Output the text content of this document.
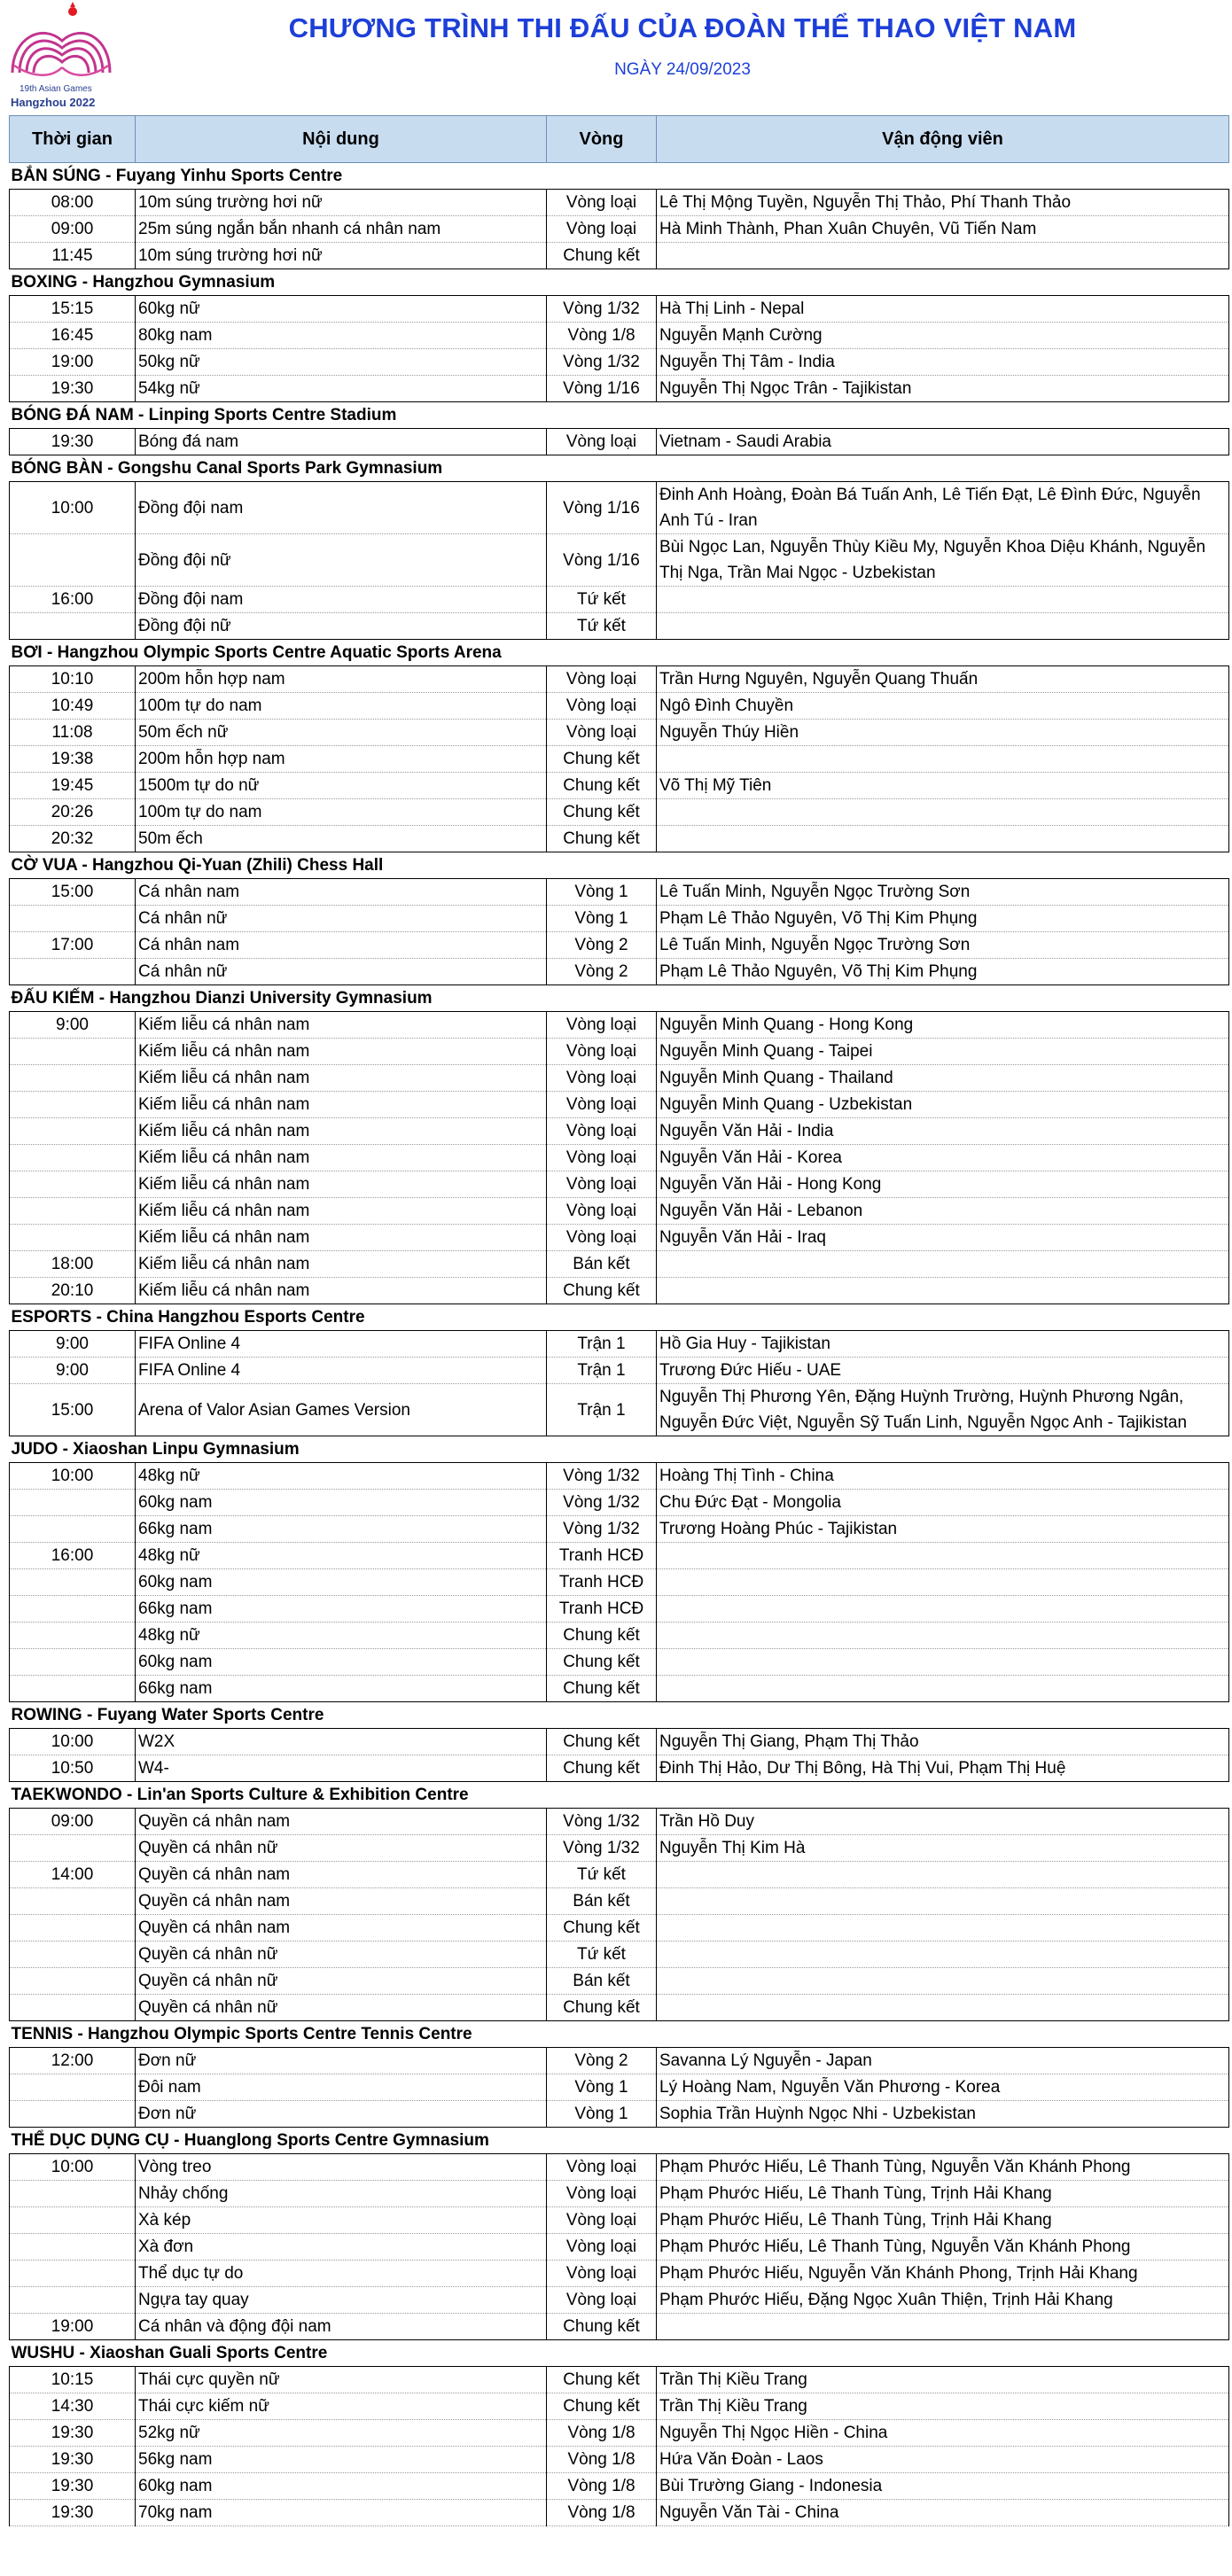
19th Asian Games
Hangzhou 2022
CHƯƠNG TRÌNH THI ĐẤU CỦA ĐOÀN THỂ THAO VIỆT NAM
NGÀY 24/09/2023
Thời gian	Nội dung	Vòng	Vận động viên
BẮN SÚNG - Fuyang Yinhu Sports Centre			
08:00	10m súng trường hơi nữ	Vòng loại	Lê Thị Mộng Tuyền, Nguyễn Thị Thảo, Phí Thanh Thảo
09:00	25m súng ngắn bắn nhanh cá nhân nam	Vòng loại	Hà Minh Thành, Phan Xuân Chuyên, Vũ Tiến Nam
11:45	10m súng trường hơi nữ	Chung kết	
BOXING - Hangzhou Gymnasium			
15:15	60kg nữ	Vòng 1/32	Hà Thị Linh - Nepal
16:45	80kg nam	Vòng 1/8	Nguyễn Mạnh Cường
19:00	50kg nữ	Vòng 1/32	Nguyễn Thị Tâm - India
19:30	54kg nữ	Vòng 1/16	Nguyễn Thị Ngọc Trân - Tajikistan
BÓNG ĐÁ NAM - Linping Sports Centre Stadium			
19:30	Bóng đá nam	Vòng loại	Vietnam - Saudi Arabia
BÓNG BÀN - Gongshu Canal Sports Park Gymnasium			
10:00	Đồng đội nam	Vòng 1/16	Đinh Anh Hoàng, Đoàn Bá Tuấn Anh, Lê Tiến Đạt, Lê Đình Đức, Nguyễn Anh Tú - Iran
	Đồng đội nữ	Vòng 1/16	Bùi Ngọc Lan, Nguyễn Thùy Kiều My, Nguyễn Khoa Diệu Khánh, Nguyễn Thị Nga, Trần Mai Ngọc - Uzbekistan
16:00	Đồng đội nam	Tứ kết	
	Đồng đội nữ	Tứ kết	
BƠI - Hangzhou Olympic Sports Centre Aquatic Sports Arena			
10:10	200m hỗn hợp nam	Vòng loại	Trần Hưng Nguyên, Nguyễn Quang Thuấn
10:49	100m tự do nam	Vòng loại	Ngô Đình Chuyền
11:08	50m ếch nữ	Vòng loại	Nguyễn Thúy Hiền
19:38	200m hỗn hợp nam	Chung kết	
19:45	1500m tự do nữ	Chung kết	Võ Thị Mỹ Tiên
20:26	100m tự do nam	Chung kết	
20:32	50m ếch	Chung kết	
CỜ VUA - Hangzhou Qi-Yuan (Zhili) Chess Hall			
15:00	Cá nhân nam	Vòng 1	Lê Tuấn Minh, Nguyễn Ngọc Trường Sơn
	Cá nhân nữ	Vòng 1	Phạm Lê Thảo Nguyên, Võ Thị Kim Phụng
17:00	Cá nhân nam	Vòng 2	Lê Tuấn Minh, Nguyễn Ngọc Trường Sơn
	Cá nhân nữ	Vòng 2	Phạm Lê Thảo Nguyên, Võ Thị Kim Phụng
ĐẤU KIẾM - Hangzhou Dianzi University Gymnasium			
9:00	Kiếm liễu cá nhân nam	Vòng loại	Nguyễn Minh Quang - Hong Kong
	Kiếm liễu cá nhân nam	Vòng loại	Nguyễn Minh Quang - Taipei
	Kiếm liễu cá nhân nam	Vòng loại	Nguyễn Minh Quang - Thailand
	Kiếm liễu cá nhân nam	Vòng loại	Nguyễn Minh Quang - Uzbekistan
	Kiếm liễu cá nhân nam	Vòng loại	Nguyễn Văn Hải - India
	Kiếm liễu cá nhân nam	Vòng loại	Nguyễn Văn Hải - Korea
	Kiếm liễu cá nhân nam	Vòng loại	Nguyễn Văn Hải - Hong Kong
	Kiếm liễu cá nhân nam	Vòng loại	Nguyễn Văn Hải - Lebanon
	Kiếm liễu cá nhân nam	Vòng loại	Nguyễn Văn Hải - Iraq
18:00	Kiếm liễu cá nhân nam	Bán kết	
20:10	Kiếm liễu cá nhân nam	Chung kết	
ESPORTS - China Hangzhou Esports Centre			
9:00	FIFA Online 4	Trận 1	Hồ Gia Huy - Tajikistan
9:00	FIFA Online 4	Trận 1	Trương Đức Hiếu - UAE
15:00	Arena of Valor Asian Games Version	Trận 1	Nguyễn Thị Phương Yên, Đặng Huỳnh Trường, Huỳnh Phương Ngân, Nguyễn Đức Việt, Nguyễn Sỹ Tuấn Linh, Nguyễn Ngọc Anh - Tajikistan
JUDO - Xiaoshan Linpu Gymnasium			
10:00	48kg nữ	Vòng 1/32	Hoàng Thị Tình - China
	60kg nam	Vòng 1/32	Chu Đức Đạt - Mongolia
	66kg nam	Vòng 1/32	Trương Hoàng Phúc - Tajikistan
16:00	48kg nữ	Tranh HCĐ	
	60kg nam	Tranh HCĐ	
	66kg nam	Tranh HCĐ	
	48kg nữ	Chung kết	
	60kg nam	Chung kết	
	66kg nam	Chung kết	
ROWING - Fuyang Water Sports Centre			
10:00	W2X	Chung kết	Nguyễn Thị Giang, Phạm Thị Thảo
10:50	W4-	Chung kết	Đinh Thị Hảo, Dư Thị Bông, Hà Thị Vui, Phạm Thị Huệ
TAEKWONDO - Lin'an Sports Culture & Exhibition Centre			
09:00	Quyền cá nhân nam	Vòng 1/32	Trần Hồ Duy
	Quyền cá nhân nữ	Vòng 1/32	Nguyễn Thị Kim Hà
14:00	Quyền cá nhân nam	Tứ kết	
	Quyền cá nhân nam	Bán kết	
	Quyền cá nhân nam	Chung kết	
	Quyền cá nhân nữ	Tứ kết	
	Quyền cá nhân nữ	Bán kết	
	Quyền cá nhân nữ	Chung kết	
TENNIS - Hangzhou Olympic Sports Centre Tennis Centre			
12:00	Đơn nữ	Vòng 2	Savanna Lý Nguyễn - Japan
	Đôi nam	Vòng 1	Lý Hoàng Nam, Nguyễn Văn Phương - Korea
	Đơn nữ	Vòng 1	Sophia Trần Huỳnh Ngọc Nhi - Uzbekistan
THỂ DỤC DỤNG CỤ - Huanglong Sports Centre Gymnasium			
10:00	Vòng treo	Vòng loại	Phạm Phước Hiếu, Lê Thanh Tùng, Nguyễn Văn Khánh Phong
	Nhảy chống	Vòng loại	Phạm Phước Hiếu, Lê Thanh Tùng, Trịnh Hải Khang
	Xà kép	Vòng loại	Phạm Phước Hiếu, Lê Thanh Tùng, Trịnh Hải Khang
	Xà đơn	Vòng loại	Phạm Phước Hiếu, Lê Thanh Tùng, Nguyễn Văn Khánh Phong
	Thể dục tự do	Vòng loại	Phạm Phước Hiếu, Nguyễn Văn Khánh Phong, Trịnh Hải Khang
	Ngựa tay quay	Vòng loại	Phạm Phước Hiếu, Đặng Ngọc Xuân Thiện, Trịnh Hải Khang
19:00	Cá nhân và động đội nam	Chung kết	
WUSHU - Xiaoshan Guali Sports Centre			
10:15	Thái cực quyền nữ	Chung kết	Trần Thị Kiều Trang
14:30	Thái cực kiếm nữ	Chung kết	Trần Thị Kiều Trang
19:30	52kg nữ	Vòng 1/8	Nguyễn Thị Ngọc Hiền - China
19:30	56kg nam	Vòng 1/8	Hứa Văn Đoàn - Laos
19:30	60kg nam	Vòng 1/8	Bùi Trường Giang - Indonesia
19:30	70kg nam	Vòng 1/8	Nguyễn Văn Tài - China
